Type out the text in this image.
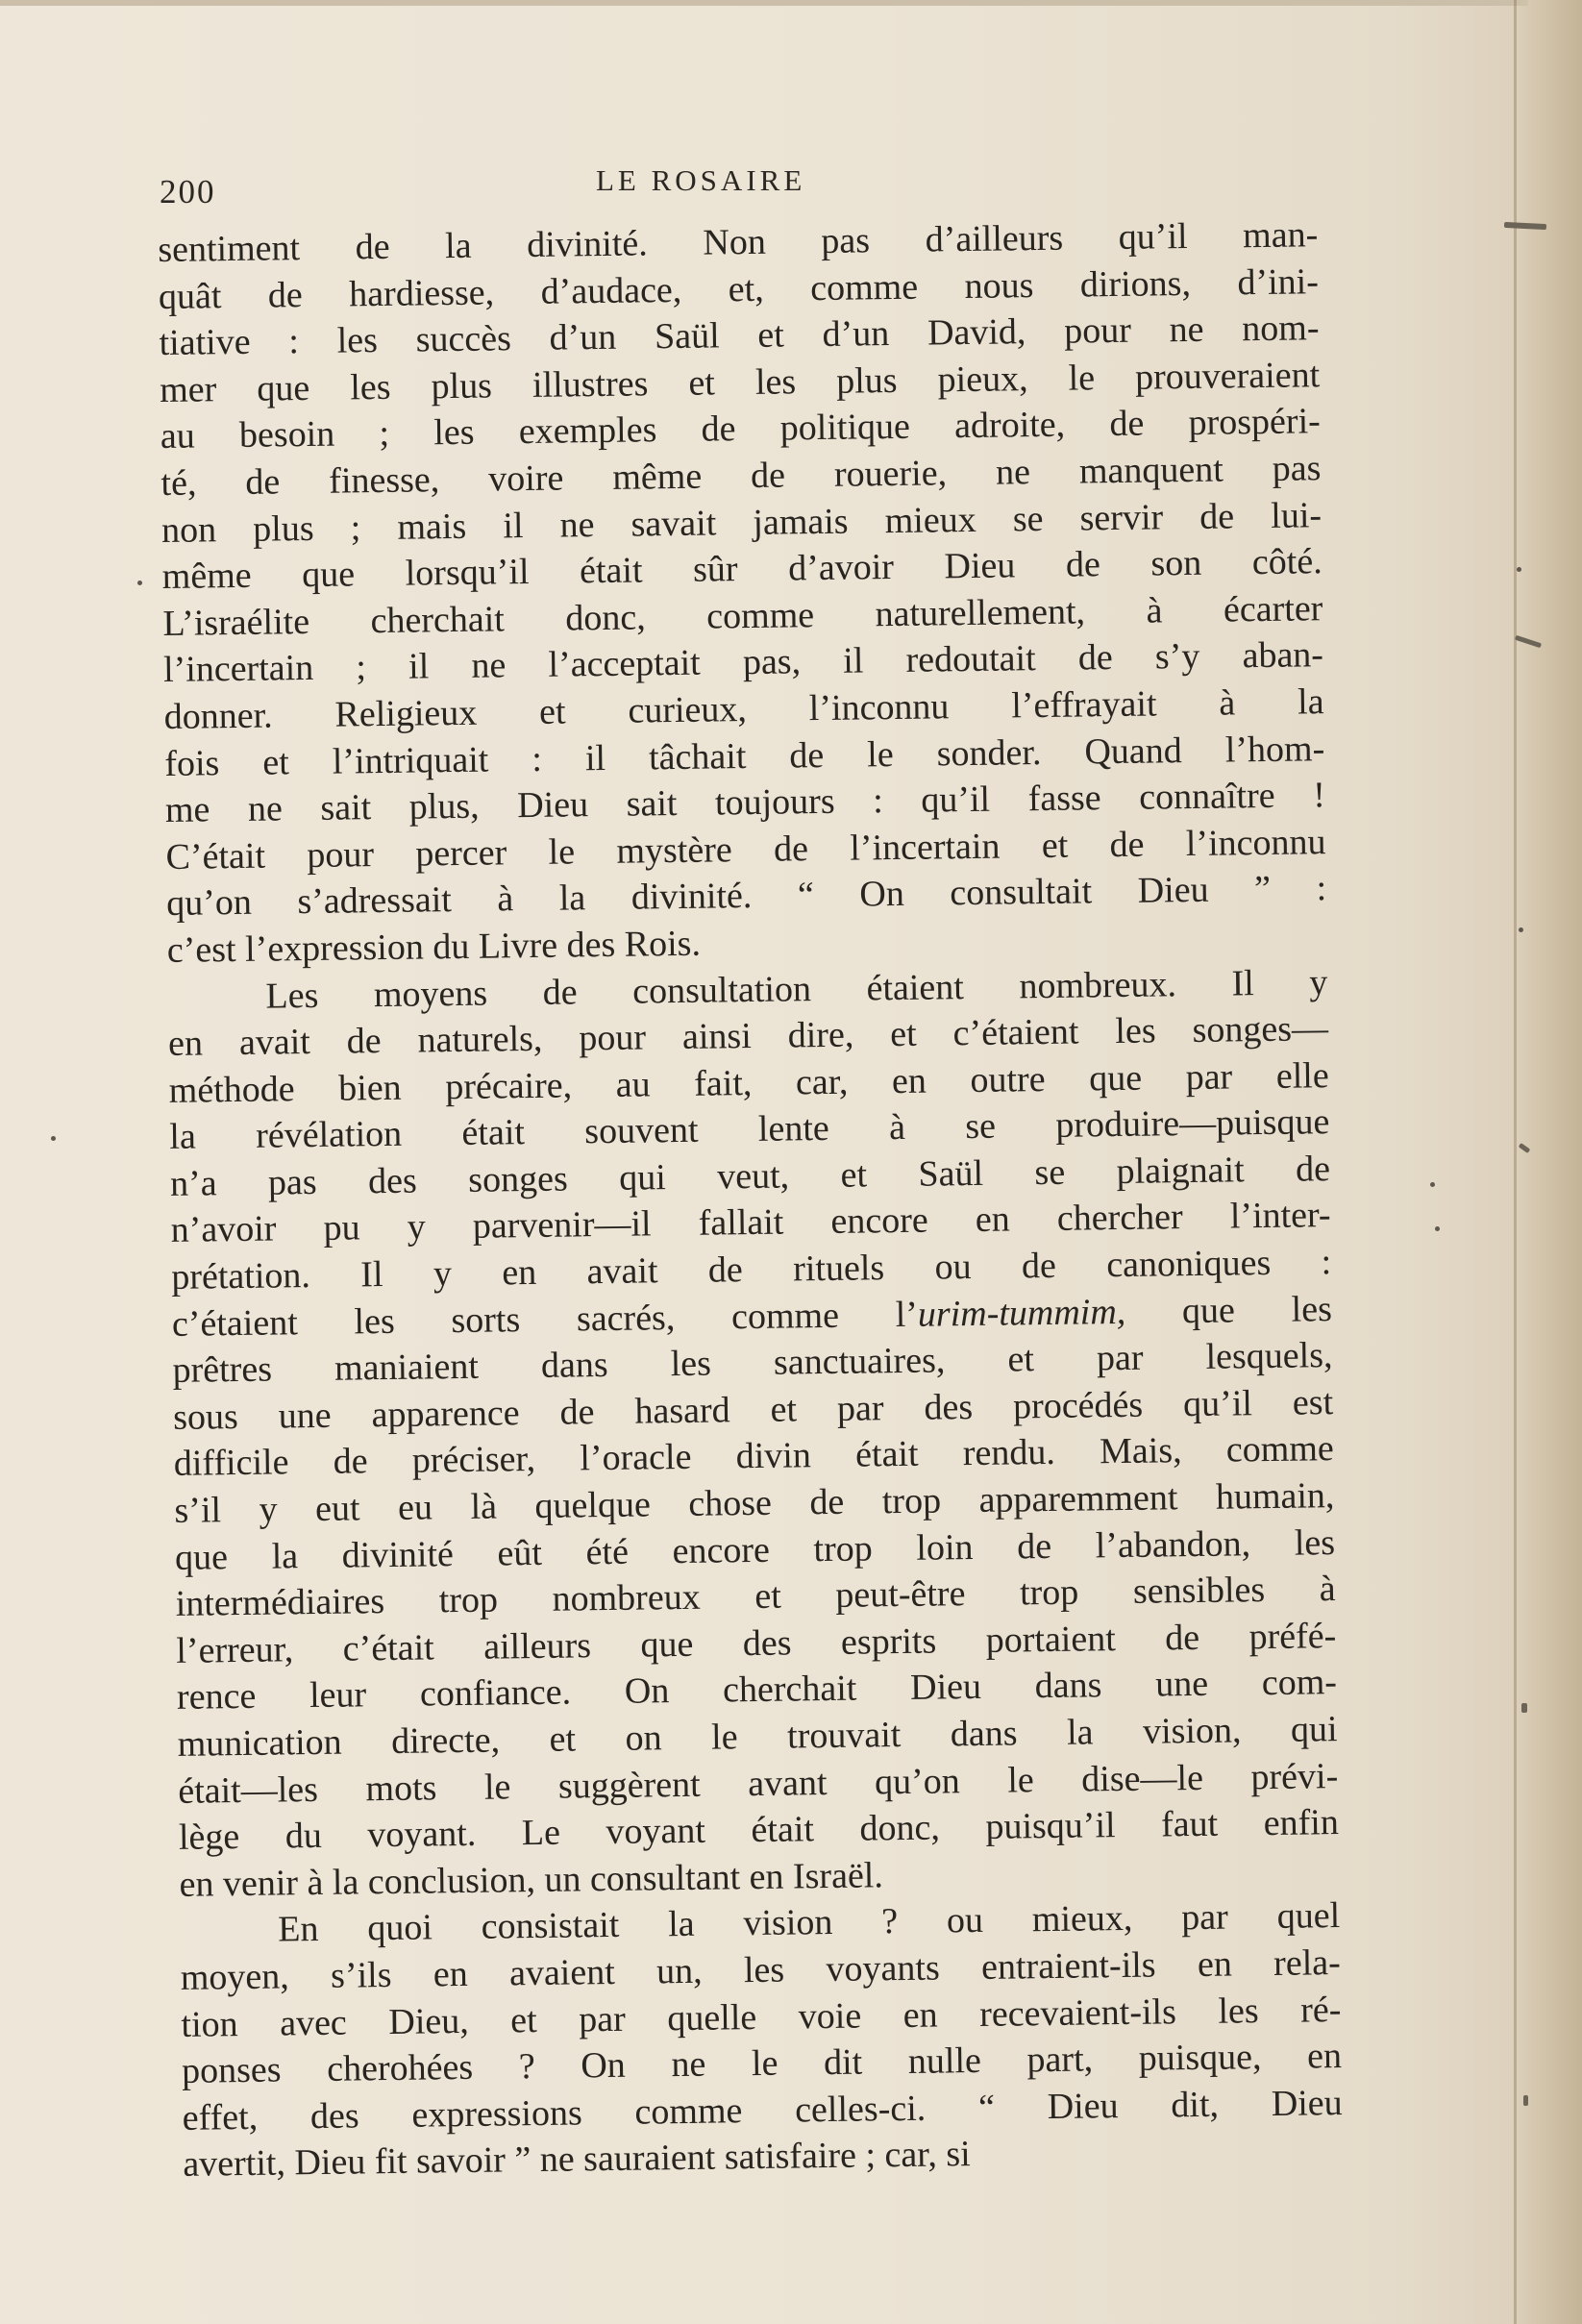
200	LE ROSAIRE
sentiment de la divinité. Non pas d’ailleurs qu’il man-
quât de hardiesse, d’audace, et, comme nous dirions, d’ini-
tiative : les succès d’un Saül et d’un David, pour ne nom-
mer que les plus illustres et les plus pieux, le prouveraient
au besoin ; les exemples de politique adroite, de prospéri-
té, de finesse, voire même de rouerie, ne manquent pas
non plus ; mais il ne savait jamais mieux se servir de lui-
même que lorsqu’il était sûr d’avoir Dieu de son côté.
L’israélite cherchait donc, comme naturellement, à écarter
l’incertain ; il ne l’acceptait pas, il redoutait de s’y aban-
donner. Religieux et curieux, l’inconnu l’effrayait à la
fois et l’intriquait : il tâchait de le sonder. Quand l’hom-
me ne sait plus, Dieu sait toujours : qu’il fasse connaître !
C’était pour percer le mystère de l’incertain et de l’inconnu
qu’on s’adressait à la divinité. “ On consultait Dieu ” :
c’est l’expression du Livre des Rois.
Les moyens de consultation étaient nombreux. Il y
en avait de naturels, pour ainsi dire, et c’étaient les songes—
méthode bien précaire, au fait, car, en outre que par elle
la révélation était souvent lente à se produire—puisque
n’a pas des songes qui veut, et Saül se plaignait de
n’avoir pu y parvenir—il fallait encore en chercher l’inter-
prétation. Il y en avait de rituels ou de canoniques :
c’étaient les sorts sacrés, comme l’urim-tummim, que les
prêtres maniaient dans les sanctuaires, et par lesquels,
sous une apparence de hasard et par des procédés qu’il est
difficile de préciser, l’oracle divin était rendu. Mais, comme
s’il y eut eu là quelque chose de trop apparemment humain,
que la divinité eût été encore trop loin de l’abandon, les
intermédiaires trop nombreux et peut-être trop sensibles à
l’erreur, c’était ailleurs que des esprits portaient de préfé-
rence leur confiance. On cherchait Dieu dans une com-
munication directe, et on le trouvait dans la vision, qui
était—les mots le suggèrent avant qu’on le dise—le prévi-
lège du voyant. Le voyant était donc, puisqu’il faut enfin
en venir à la conclusion, un consultant en Israël.
En quoi consistait la vision ? ou mieux, par quel
moyen, s’ils en avaient un, les voyants entraient-ils en rela-
tion avec Dieu, et par quelle voie en recevaient-ils les ré-
ponses cherohées ? On ne le dit nulle part, puisque, en
effet, des expressions comme celles-ci. “ Dieu dit, Dieu
avertit, Dieu fit savoir ” ne sauraient satisfaire ; car, si
